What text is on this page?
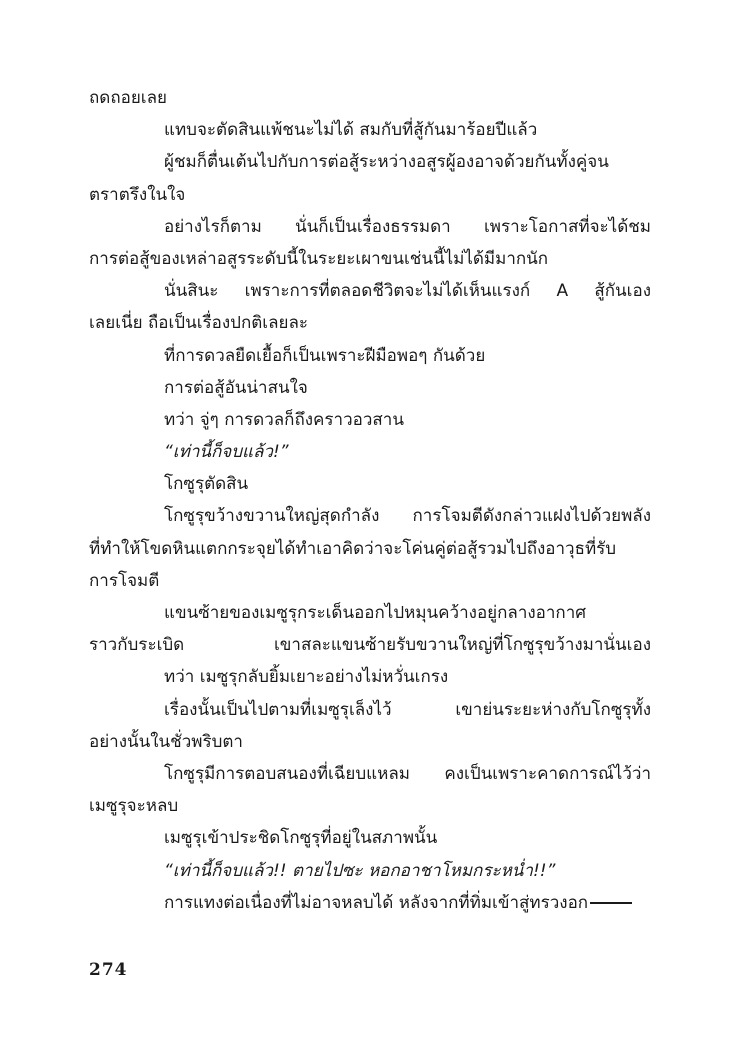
ถดถอยเลย
แทบจะตัดสินแพ้ชนะไม่ได้ สมกับที่สู้กันมาร้อยปีแล้ว
ผู้ชมก็ตื่นเต้นไปกับการต่อสู้ระหว่างอสูรผู้องอาจด้วยกันทั้งคู่จน
ตราตรึงในใจ
อย่างไรก็ตาม นั่นก็เป็นเรื่องธรรมดา เพราะโอกาสที่จะได้ชม
การต่อสู้ของเหล่าอสูรระดับนี้ในระยะเผาขนเช่นนี้ไม่ได้มีมากนัก
นั่นสินะ เพราะการที่ตลอดชีวิตจะไม่ได้เห็นแรงก์ A สู้กันเอง
เลยเนี่ย ถือเป็นเรื่องปกติเลยละ
ที่การดวลยืดเยื้อก็เป็นเพราะฝีมือพอๆ กันด้วย
การต่อสู้อันน่าสนใจ
ทว่า จู่ๆ การดวลก็ถึงคราวอวสาน
“เท่านี้ก็จบแล้ว!”
โกซูรุตัดสิน
โกซูรุขว้างขวานใหญ่สุดกำลัง การโจมตีดังกล่าวแฝงไปด้วยพลัง
ที่ทำให้โขดหินแตกกระจุยได้ทำเอาคิดว่าจะโค่นคู่ต่อสู้รวมไปถึงอาวุธที่รับ
การโจมตี
แขนซ้ายของเมซูรุกระเด็นออกไปหมุนคว้างอยู่กลางอากาศ
ราวกับระเบิด เขาสละแขนซ้ายรับขวานใหญ่ที่โกซูรุขว้างมานั่นเอง
ทว่า เมซูรุกลับยิ้มเยาะอย่างไม่หวั่นเกรง
เรื่องนั้นเป็นไปตามที่เมซูรุเล็งไว้ เขาย่นระยะห่างกับโกซูรุทั้ง
อย่างนั้นในชั่วพริบตา
โกซูรุมีการตอบสนองที่เฉียบแหลม คงเป็นเพราะคาดการณ์ไว้ว่า
เมซูรุจะหลบ
เมซูรุเข้าประชิดโกซูรุที่อยู่ในสภาพนั้น
“เท่านี้ก็จบแล้ว!! ตายไปซะ หอกอาชาโหมกระหน่ำ!!”
การแทงต่อเนื่องที่ไม่อาจหลบได้ หลังจากที่ทิ่มเข้าสู่ทรวงอก
274
